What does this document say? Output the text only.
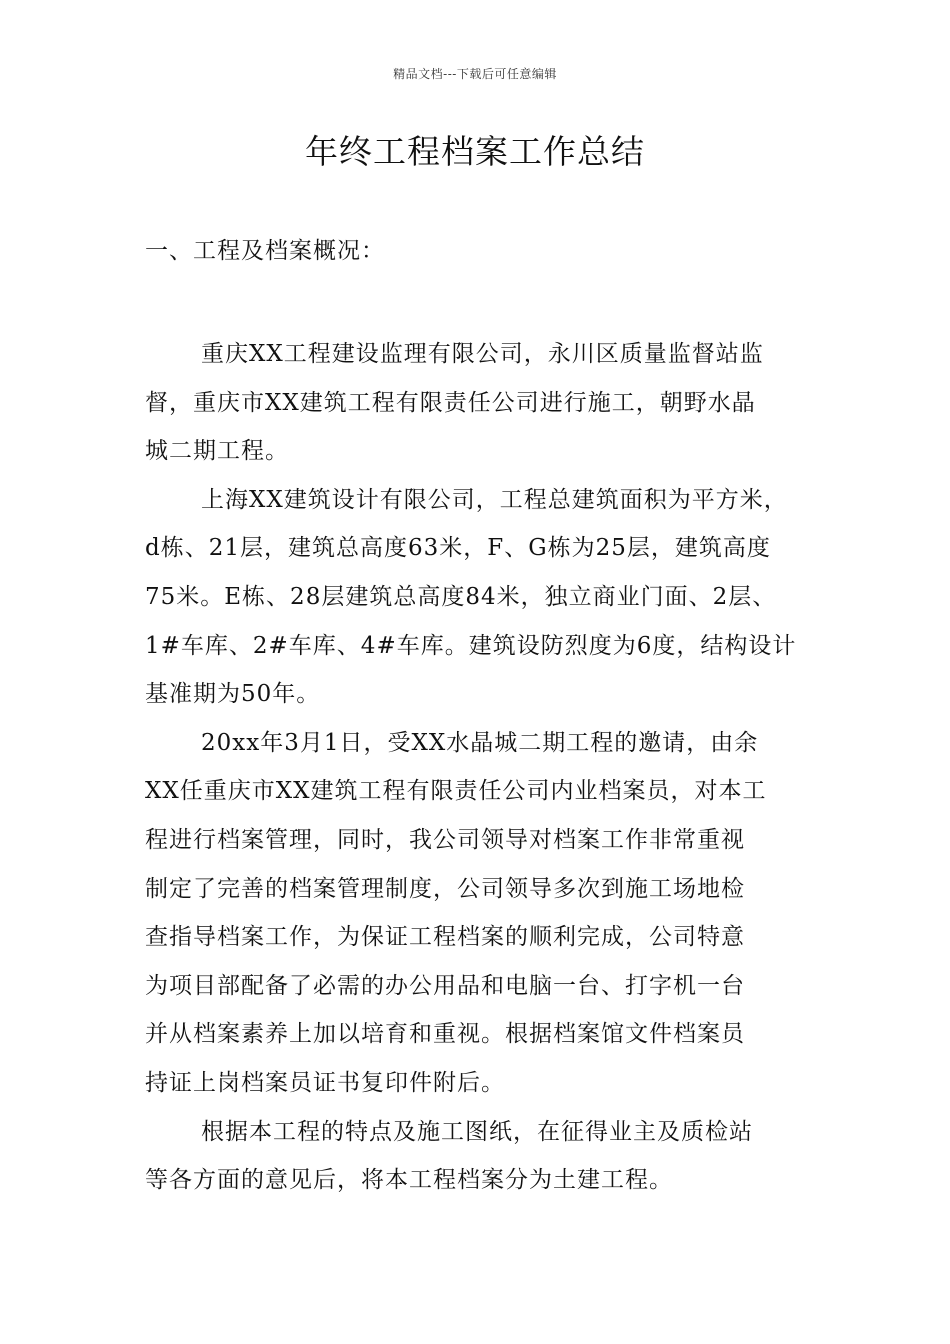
精品文档---下载后可任意编辑
年终工程档案工作总结
一、工程及档案概况：

重庆XX工程建设监理有限公司，永川区质量监督站监
督，重庆市XX建筑工程有限责任公司进行施工，朝野水晶
城二期工程。

上海XX建筑设计有限公司，工程总建筑面积为平方米，
d栋、21层，建筑总高度63米，F、G栋为25层，建筑高度
75米。E栋、28层建筑总高度84米，独立商业门面、2层、
1#车库、2#车库、4#车库。建筑设防烈度为6度，结构设计
基准期为50年。

20xx年3月1日，受XX水晶城二期工程的邀请，由余
XX任重庆市XX建筑工程有限责任公司内业档案员，对本工
程进行档案管理，同时，我公司领导对档案工作非常重视
制定了完善的档案管理制度，公司领导多次到施工场地检
查指导档案工作，为保证工程档案的顺利完成，公司特意
为项目部配备了必需的办公用品和电脑一台、打字机一台
并从档案素养上加以培育和重视。根据档案馆文件档案员
持证上岗档案员证书复印件附后。

根据本工程的特点及施工图纸，在征得业主及质检站
等各方面的意见后，将本工程档案分为土建工程。
